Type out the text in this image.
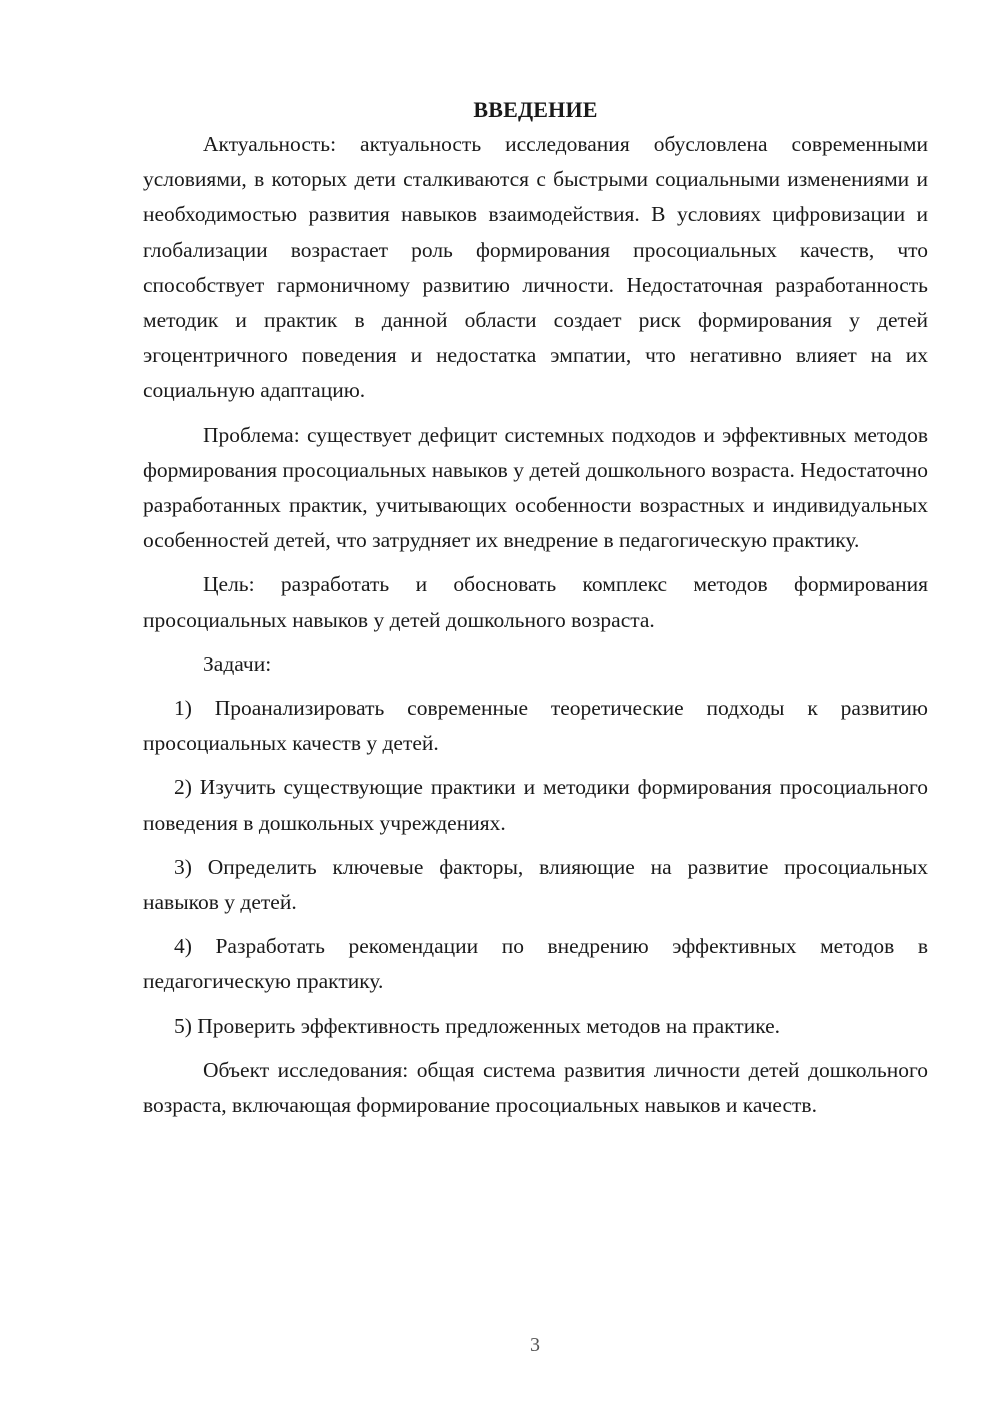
ВВЕДЕНИЕ

Актуальность: актуальность исследования обусловлена современными условиями, в которых дети сталкиваются с быстрыми социальными изменениями и необходимостью развития навыков взаимодействия. В условиях цифровизации и глобализации возрастает роль формирования просоциальных качеств, что способствует гармоничному развитию личности. Недостаточная разработанность методик и практик в данной области создает риск формирования у детей эгоцентричного поведения и недостатка эмпатии, что негативно влияет на их социальную адаптацию.

Проблема: существует дефицит системных подходов и эффективных методов формирования просоциальных навыков у детей дошкольного возраста. Недостаточно разработанных практик, учитывающих особенности возрастных и индивидуальных особенностей детей, что затрудняет их внедрение в педагогическую практику.

Цель: разработать и обосновать комплекс методов формирования просоциальных навыков у детей дошкольного возраста.

Задачи:

1) Проанализировать современные теоретические подходы к развитию просоциальных качеств у детей.

2) Изучить существующие практики и методики формирования просоциального поведения в дошкольных учреждениях.

3) Определить ключевые факторы, влияющие на развитие просоциальных навыков у детей.

4) Разработать рекомендации по внедрению эффективных методов в педагогическую практику.

5) Проверить эффективность предложенных методов на практике.

Объект исследования: общая система развития личности детей дошкольного возраста, включающая формирование просоциальных навыков и качеств.

3
